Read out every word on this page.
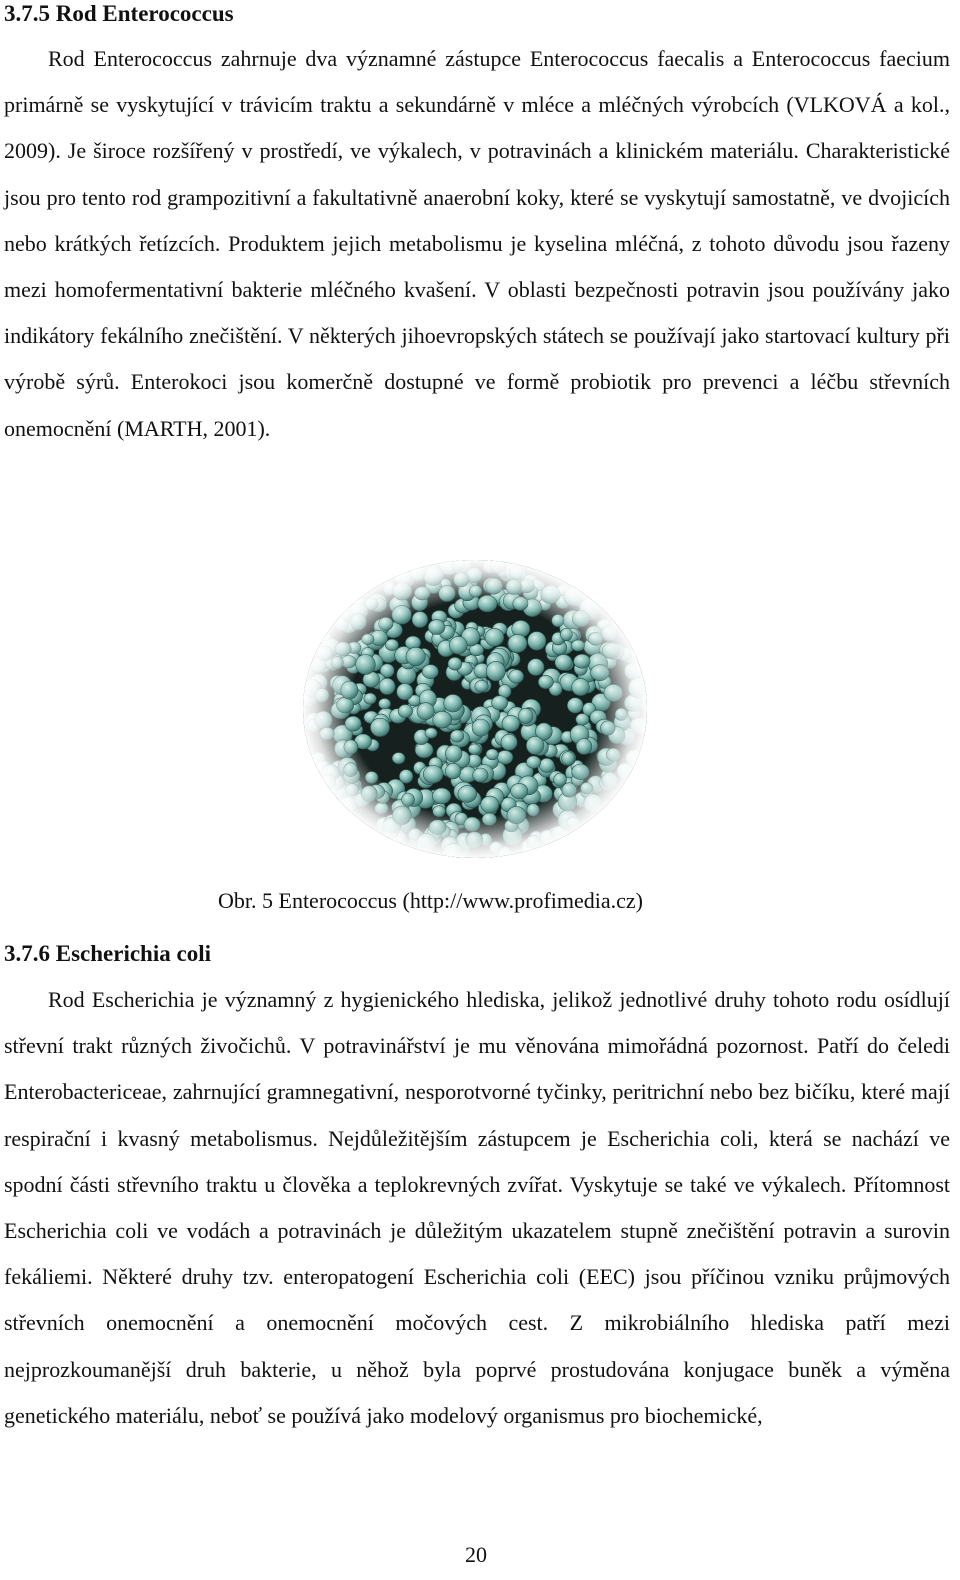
3.7.5 Rod Enterococcus

Rod Enterococcus zahrnuje dva významné zástupce Enterococcus faecalis a Enterococcus faecium primárně se vyskytující v trávicím traktu a sekundárně v mléce a mléčných výrobcích (VLKOVÁ a kol., 2009). Je široce rozšířený v prostředí, ve výkalech, v potravinách a klinickém materiálu. Charakteristické jsou pro tento rod grampozitivní a fakultativně anaerobní koky, které se vyskytují samostatně, ve dvojicích nebo krátkých řetízcích. Produktem jejich metabolismu je kyselina mléčná, z tohoto důvodu jsou řazeny mezi homofermentativní bakterie mléčného kvašení. V oblasti bezpečnosti potravin jsou používány jako indikátory fekálního znečištění. V některých jihoevropských státech se používají jako startovací kultury při výrobě sýrů. Enterokoci jsou komerčně dostupné ve formě probiotik pro prevenci a léčbu střevních onemocnění (MARTH, 2001).

Obr. 5 Enterococcus (http://www.profimedia.cz)

3.7.6 Escherichia coli

Rod Escherichia je významný z hygienického hlediska, jelikož jednotlivé druhy tohoto rodu osídlují střevní trakt různých živočichů. V potravinářství je mu věnována mimořádná pozornost. Patří do čeledi Enterobactericeae, zahrnující gramnegativní, nesporotvorné tyčinky, peritrichní nebo bez bičíku, které mají respirační i kvasný metabolismus. Nejdůležitějším zástupcem je Escherichia coli, která se nachází ve spodní části střevního traktu u člověka a teplokrevných zvířat. Vyskytuje se také ve výkalech. Přítomnost Escherichia coli ve vodách a potravinách je důležitým ukazatelem stupně znečištění potravin a surovin fekáliemi. Některé druhy tzv. enteropatogení Escherichia coli (EEC) jsou příčinou vzniku průjmových střevních onemocnění a onemocnění močových cest. Z mikrobiálního hlediska patří mezi nejprozkoumanější druh bakterie, u něhož byla poprvé prostudována konjugace buněk a výměna genetického materiálu, neboť se používá jako modelový organismus pro biochemické,

20
